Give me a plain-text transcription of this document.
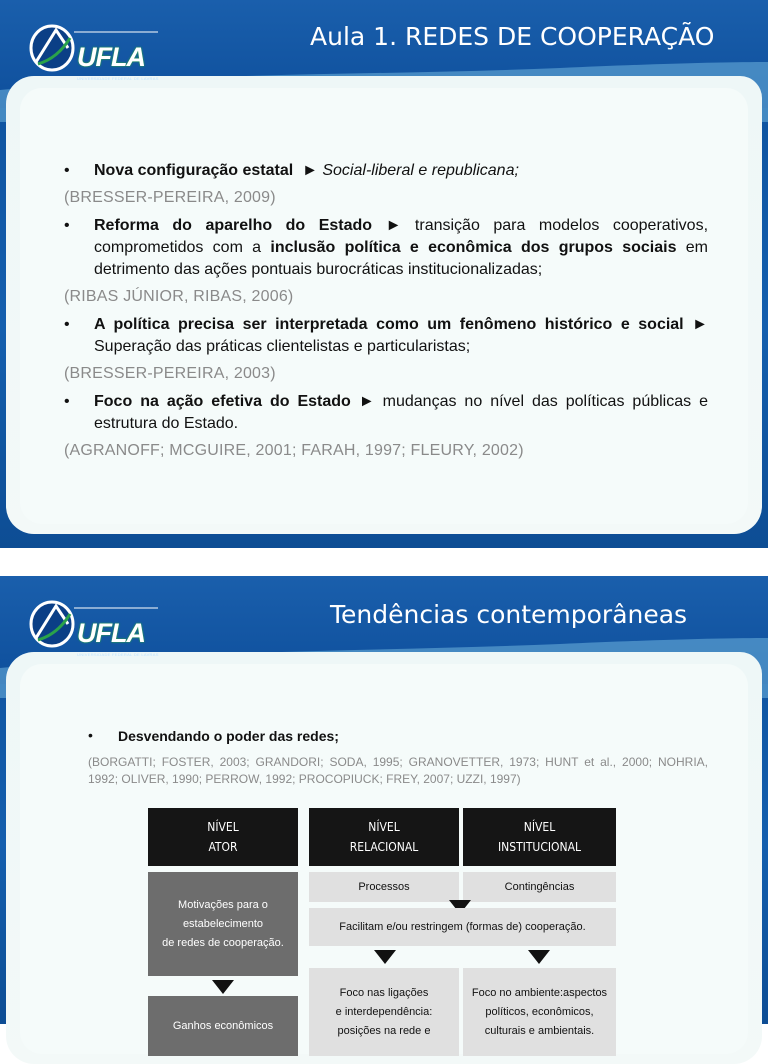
UFLA
UNIVERSIDADE FEDERAL DE LAVRAS
Aula 1. REDES DE COOPERAÇÃO

• Nova configuração estatal ► Social-liberal e republicana;

(BRESSER-PEREIRA, 2009)

• Reforma do aparelho do Estado ► transição para modelos cooperativos, comprometidos com a inclusão política e econômica dos grupos sociais em detrimento das ações pontuais burocráticas institucionalizadas;

(RIBAS JÚNIOR, RIBAS, 2006)

• A política precisa ser interpretada como um fenômeno histórico e social ► Superação das práticas clientelistas e particularistas;

(BRESSER-PEREIRA, 2003)

• Foco na ação efetiva do Estado ► mudanças no nível das políticas públicas e estrutura do Estado.

(AGRANOFF; MCGUIRE, 2001; FARAH, 1997; FLEURY, 2002)

UFLA
UNIVERSIDADE FEDERAL DE LAVRAS
Tendências contemporâneas
• Desvendando o poder das redes;
(BORGATTI; FOSTER, 2003; GRANDORI; SODA, 1995; GRANOVETTER, 1973; HUNT et al., 2000; NOHRIA, 1992; OLIVER, 1990; PERROW, 1992; PROCOPIUCK; FREY, 2007; UZZI, 1997)
NÍVEL
ATOR
NÍVEL
RELACIONAL
NÍVEL
INSTITUCIONAL
Motivações para o
estabelecimento
de redes de cooperação.
Ganhos econômicos
Processos	Contingências
Facilitam e/ou restringem (formas de) cooperação.
Foco nas ligações
e interdependência:
posições na rede e
Foco no ambiente:aspectos
políticos, econômicos,
culturais e ambientais.
